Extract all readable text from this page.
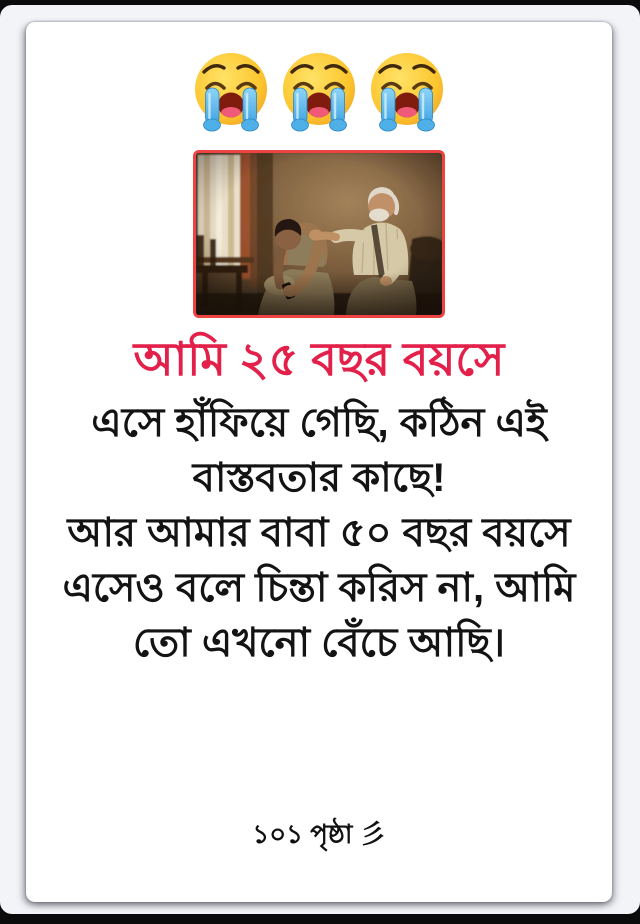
আমি ২৫ বছর বয়সে
এসে হাঁফিয়ে গেছি, কঠিন এই
বাস্তবতার কাছে!
আর আমার বাবা ৫০ বছর বয়সে
এসেও বলে চিন্তা করিস না, আমি
তো এখনো বেঁচে আছি।
১০১ পৃষ্ঠা 彡
